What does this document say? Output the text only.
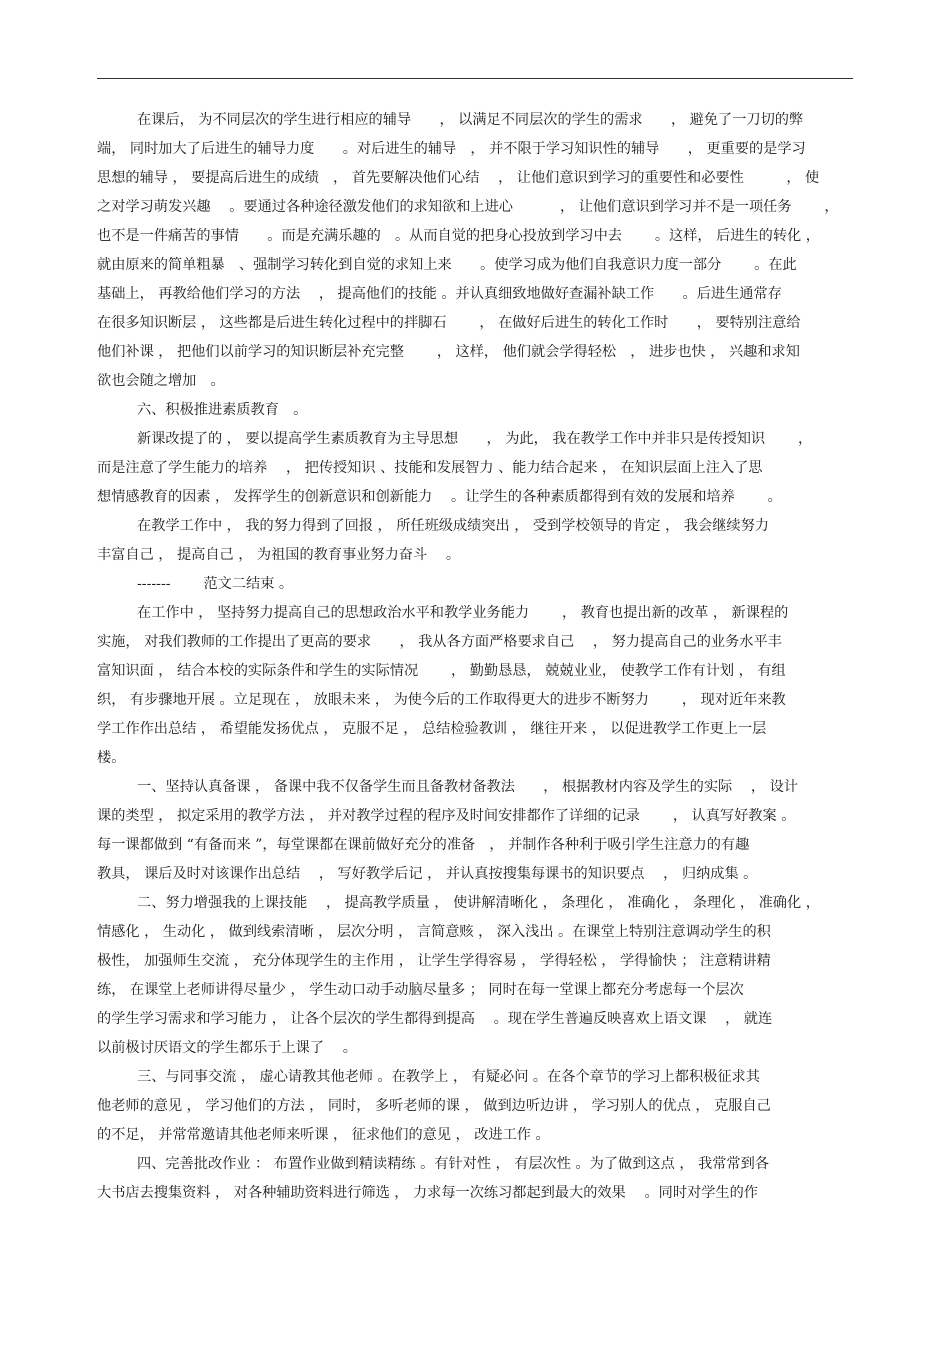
在课后， 为不同层次的学生进行相应的辅导　　， 以满足不同层次的学生的需求　　， 避免了一刀切的弊
端， 同时加大了后进生的辅导力度　　。对后进生的辅导　， 并不限于学习知识性的辅导　　， 更重要的是学习
思想的辅导 ， 要提高后进生的成绩　， 首先要解决他们心结　 ， 让他们意识到学习的重要性和必要性　　　， 使
之对学习萌发兴趣　 。要通过各种途径激发他们的求知欲和上进心　　　 ， 让他们意识到学习并不是一项任务　　 ，
也不是一件痛苦的事情　　。而是充满乐趣的　。从而自觉的把身心投放到学习中去　　 。这样， 后进生的转化 ，
就由原来的简单粗暴　、强制学习转化到自觉的求知上来　　。使学习成为他们自我意识力度一部分　　 。在此
基础上， 再教给他们学习的方法　 ， 提高他们的技能 。并认真细致地做好查漏补缺工作　　。后进生通常存
在很多知识断层 ， 这些都是后进生转化过程中的拌脚石　　 ， 在做好后进生的转化工作时　　， 要特别注意给
他们补课 ， 把他们以前学习的知识断层补充完整　　 ， 这样， 他们就会学得轻松　， 进步也快 ， 兴趣和求知
欲也会随之增加　。
六、积极推进素质教育　。
新课改提了的 ， 要以提高学生素质教育为主导思想　　， 为此， 我在教学工作中并非只是传授知识　　 ，
而是注意了学生能力的培养　 ， 把传授知识 、技能和发展智力 、能力结合起来 ， 在知识层面上注入了思
想情感教育的因素 ， 发挥学生的创新意识和创新能力　 。让学生的各种素质都得到有效的发展和培养　　 。
在教学工作中 ， 我的努力得到了回报 ， 所任班级成绩突出 ， 受到学校领导的肯定 ， 我会继续努力
丰富自己 ， 提高自己 ， 为祖国的教育事业努力奋斗　 。
-------　　 范文二结束 。
在工作中 ， 坚持努力提高自己的思想政治水平和教学业务能力　　 ， 教育也提出新的改革 ， 新课程的
实施， 对我们教师的工作提出了更高的要求　　， 我从各方面严格要求自己　 ， 努力提高自己的业务水平丰
富知识面 ， 结合本校的实际条件和学生的实际情况　　 ， 勤勤恳恳， 兢兢业业， 使教学工作有计划 ， 有组
织， 有步骤地开展 。立足现在 ， 放眼未来 ， 为使今后的工作取得更大的进步不断努力　　 ， 现对近年来教
学工作作出总结 ， 希望能发扬优点 ， 克服不足 ， 总结检验教训 ， 继往开来 ， 以促进教学工作更上一层
楼。
一、坚持认真备课 ， 备课中我不仅备学生而且备教材备教法　　， 根据教材内容及学生的实际　 ， 设计
课的类型 ， 拟定采用的教学方法 ， 并对教学过程的程序及时间安排都作了详细的记录　　 ， 认真写好教案 。
每一课都做到 “有备而来 ”，每堂课都在课前做好充分的准备　， 并制作各种利于吸引学生注意力的有趣
教具， 课后及时对该课作出总结　 ， 写好教学后记 ， 并认真按搜集每课书的知识要点　 ， 归纳成集 。
二、努力增强我的上课技能　 ， 提高教学质量 ， 使讲解清晰化 ， 条理化 ， 准确化 ， 条理化 ， 准确化 ，
情感化 ， 生动化 ， 做到线索清晰 ， 层次分明 ， 言简意赅 ， 深入浅出 。在课堂上特别注意调动学生的积
极性， 加强师生交流 ， 充分体现学生的主作用 ， 让学生学得容易 ， 学得轻松 ， 学得愉快 ； 注意精讲精
练， 在课堂上老师讲得尽量少 ， 学生动口动手动脑尽量多 ； 同时在每一堂课上都充分考虑每一个层次
的学生学习需求和学习能力 ， 让各个层次的学生都得到提高　 。现在学生普遍反映喜欢上语文课　 ， 就连
以前极讨厌语文的学生都乐于上课了　 。
三、与同事交流 ， 虚心请教其他老师 。在教学上 ， 有疑必问 。在各个章节的学习上都积极征求其
他老师的意见 ， 学习他们的方法 ， 同时， 多听老师的课 ， 做到边听边讲 ， 学习别人的优点 ， 克服自己
的不足， 并常常邀请其他老师来听课 ， 征求他们的意见 ， 改进工作 。
四、完善批改作业 ： 布置作业做到精读精练 。有针对性 ， 有层次性 。为了做到这点 ， 我常常到各
大书店去搜集资料 ， 对各种辅助资料进行筛选 ， 力求每一次练习都起到最大的效果　 。同时对学生的作
